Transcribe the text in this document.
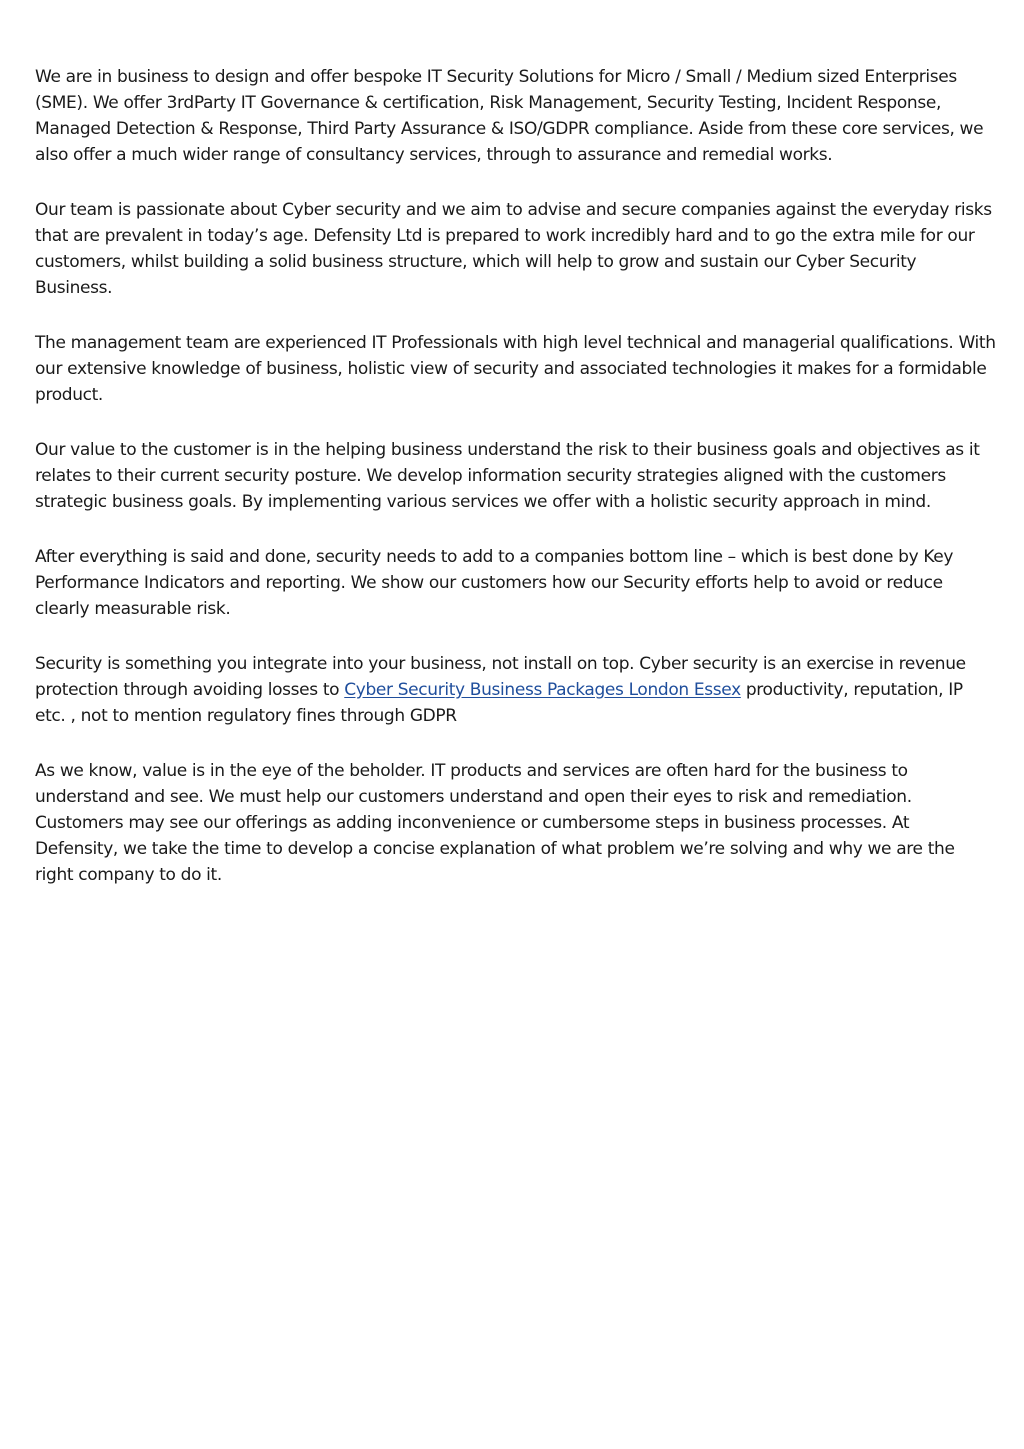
We are in business to design and offer bespoke IT Security Solutions for Micro / Small / Medium sized Enterprises (SME). We offer 3rdParty IT Governance & certification, Risk Management, Security Testing, Incident Response, Managed Detection & Response, Third Party Assurance & ISO/GDPR compliance. Aside from these core services, we also offer a much wider range of consultancy services, through to assurance and remedial works.

Our team is passionate about Cyber security and we aim to advise and secure companies against the everyday risks that are prevalent in today’s age. Defensity Ltd is prepared to work incredibly hard and to go the extra mile for our customers, whilst building a solid business structure, which will help to grow and sustain our Cyber Security Business.

The management team are experienced IT Professionals with high level technical and managerial qualifications. With our extensive knowledge of business, holistic view of security and associated technologies it makes for a formidable product.

Our value to the customer is in the helping business understand the risk to their business goals and objectives as it relates to their current security posture. We develop information security strategies aligned with the customers strategic business goals. By implementing various services we offer with a holistic security approach in mind.

After everything is said and done, security needs to add to a companies bottom line – which is best done by Key Performance Indicators and reporting. We show our customers how our Security efforts help to avoid or reduce clearly measurable risk.

Security is something you integrate into your business, not install on top. Cyber security is an exercise in revenue protection through avoiding losses to Cyber Security Business Packages London Essex productivity, reputation, IP etc. , not to mention regulatory fines through GDPR

As we know, value is in the eye of the beholder. IT products and services are often hard for the business to understand and see. We must help our customers understand and open their eyes to risk and remediation. Customers may see our offerings as adding inconvenience or cumbersome steps in business processes. At Defensity, we take the time to develop a concise explanation of what problem we’re solving and why we are the right company to do it.
